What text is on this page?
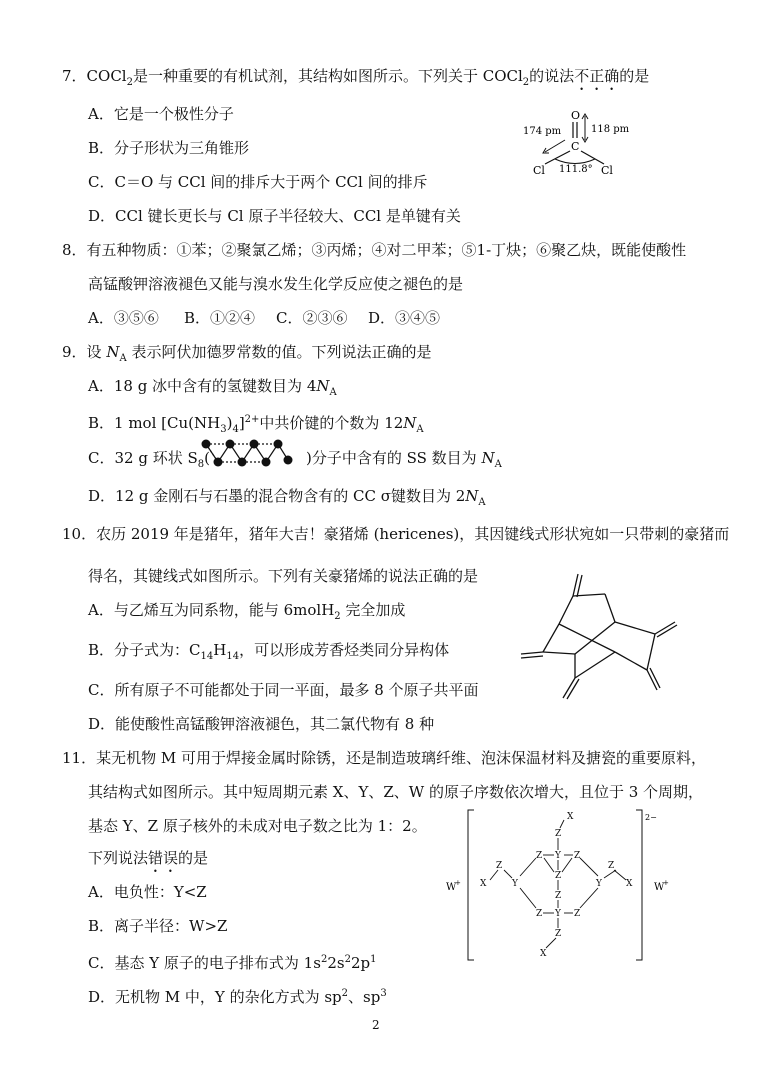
7．COCl$_2$是一种重要的有机试剂，其结构如图所示。下列关于 COCl$_2$的说法不正确的是
A．它是一个极性分子
B．分子形状为三角锥形
C．C＝O 与 CCl 间的排斥大于两个 CCl 间的排斥
D．CCl 键长更长与 Cl 原子半径较大、CCl 是单键有关
O
C
Cl	Cl
111.8°
118 pm
174 pm
8．有五种物质：①苯；②聚氯乙烯；③丙烯；④对二甲苯；⑤1-丁炔；⑥聚乙炔，既能使酸性
高锰酸钾溶液褪色又能与溴水发生化学反应使之褪色的是
A．③⑤⑥ B．①②④ C．②③⑥ D．③④⑤
9．设 $N_A$ 表示阿伏加德罗常数的值。下列说法正确的是
A．18 g 冰中含有的氢键数目为 $4N_A$
B．1 mol $[Cu(NH_3)_4]^{2+}$中共价键的个数为 $12N_A$
C．32 g 环状 $S_8$(	)分子中含有的 SS 数目为 $N_A$
D．12 g 金刚石与石墨的混合物含有的 CC σ键数目为 $2N_A$
10．农历 2019 年是猪年，猪年大吉！豪猪烯 (hericenes)，其因键线式形状宛如一只带刺的豪猪而
得名，其键线式如图所示。下列有关豪猪烯的说法正确的是
A．与乙烯互为同系物，能与 6molH$_2$ 完全加成
B．分子式为：$C_{14}H_{14}$，可以形成芳香烃类同分异构体
C．所有原子不可能都处于同一平面，最多 8 个原子共平面
D．能使酸性高锰酸钾溶液褪色，其二氯代物有 8 种
11．某无机物 M 可用于焊接金属时除锈，还是制造玻璃纤维、泡沫保温材料及搪瓷的重要原料，
其结构式如图所示。其中短周期元素 X、Y、Z、W 的原子序数依次增大，且位于 3 个周期，
基态 Y、Z 原子核外的未成对电子数之比为 1：2。
下列说法错误的是
A．电负性：Y<Z
B．离子半径：W>Z
C．基态 Y 原子的电子排布式为 $1s^22s^22p^1$
D．无机物 M 中，Y 的杂化方式为 $sp^2$、$sp^3$
W
+	W
+
2−
X
Z
Y
Z	Z
Z	Z
X	Y	Y	X
Z
Z
Z Y Z
Z
X
2
